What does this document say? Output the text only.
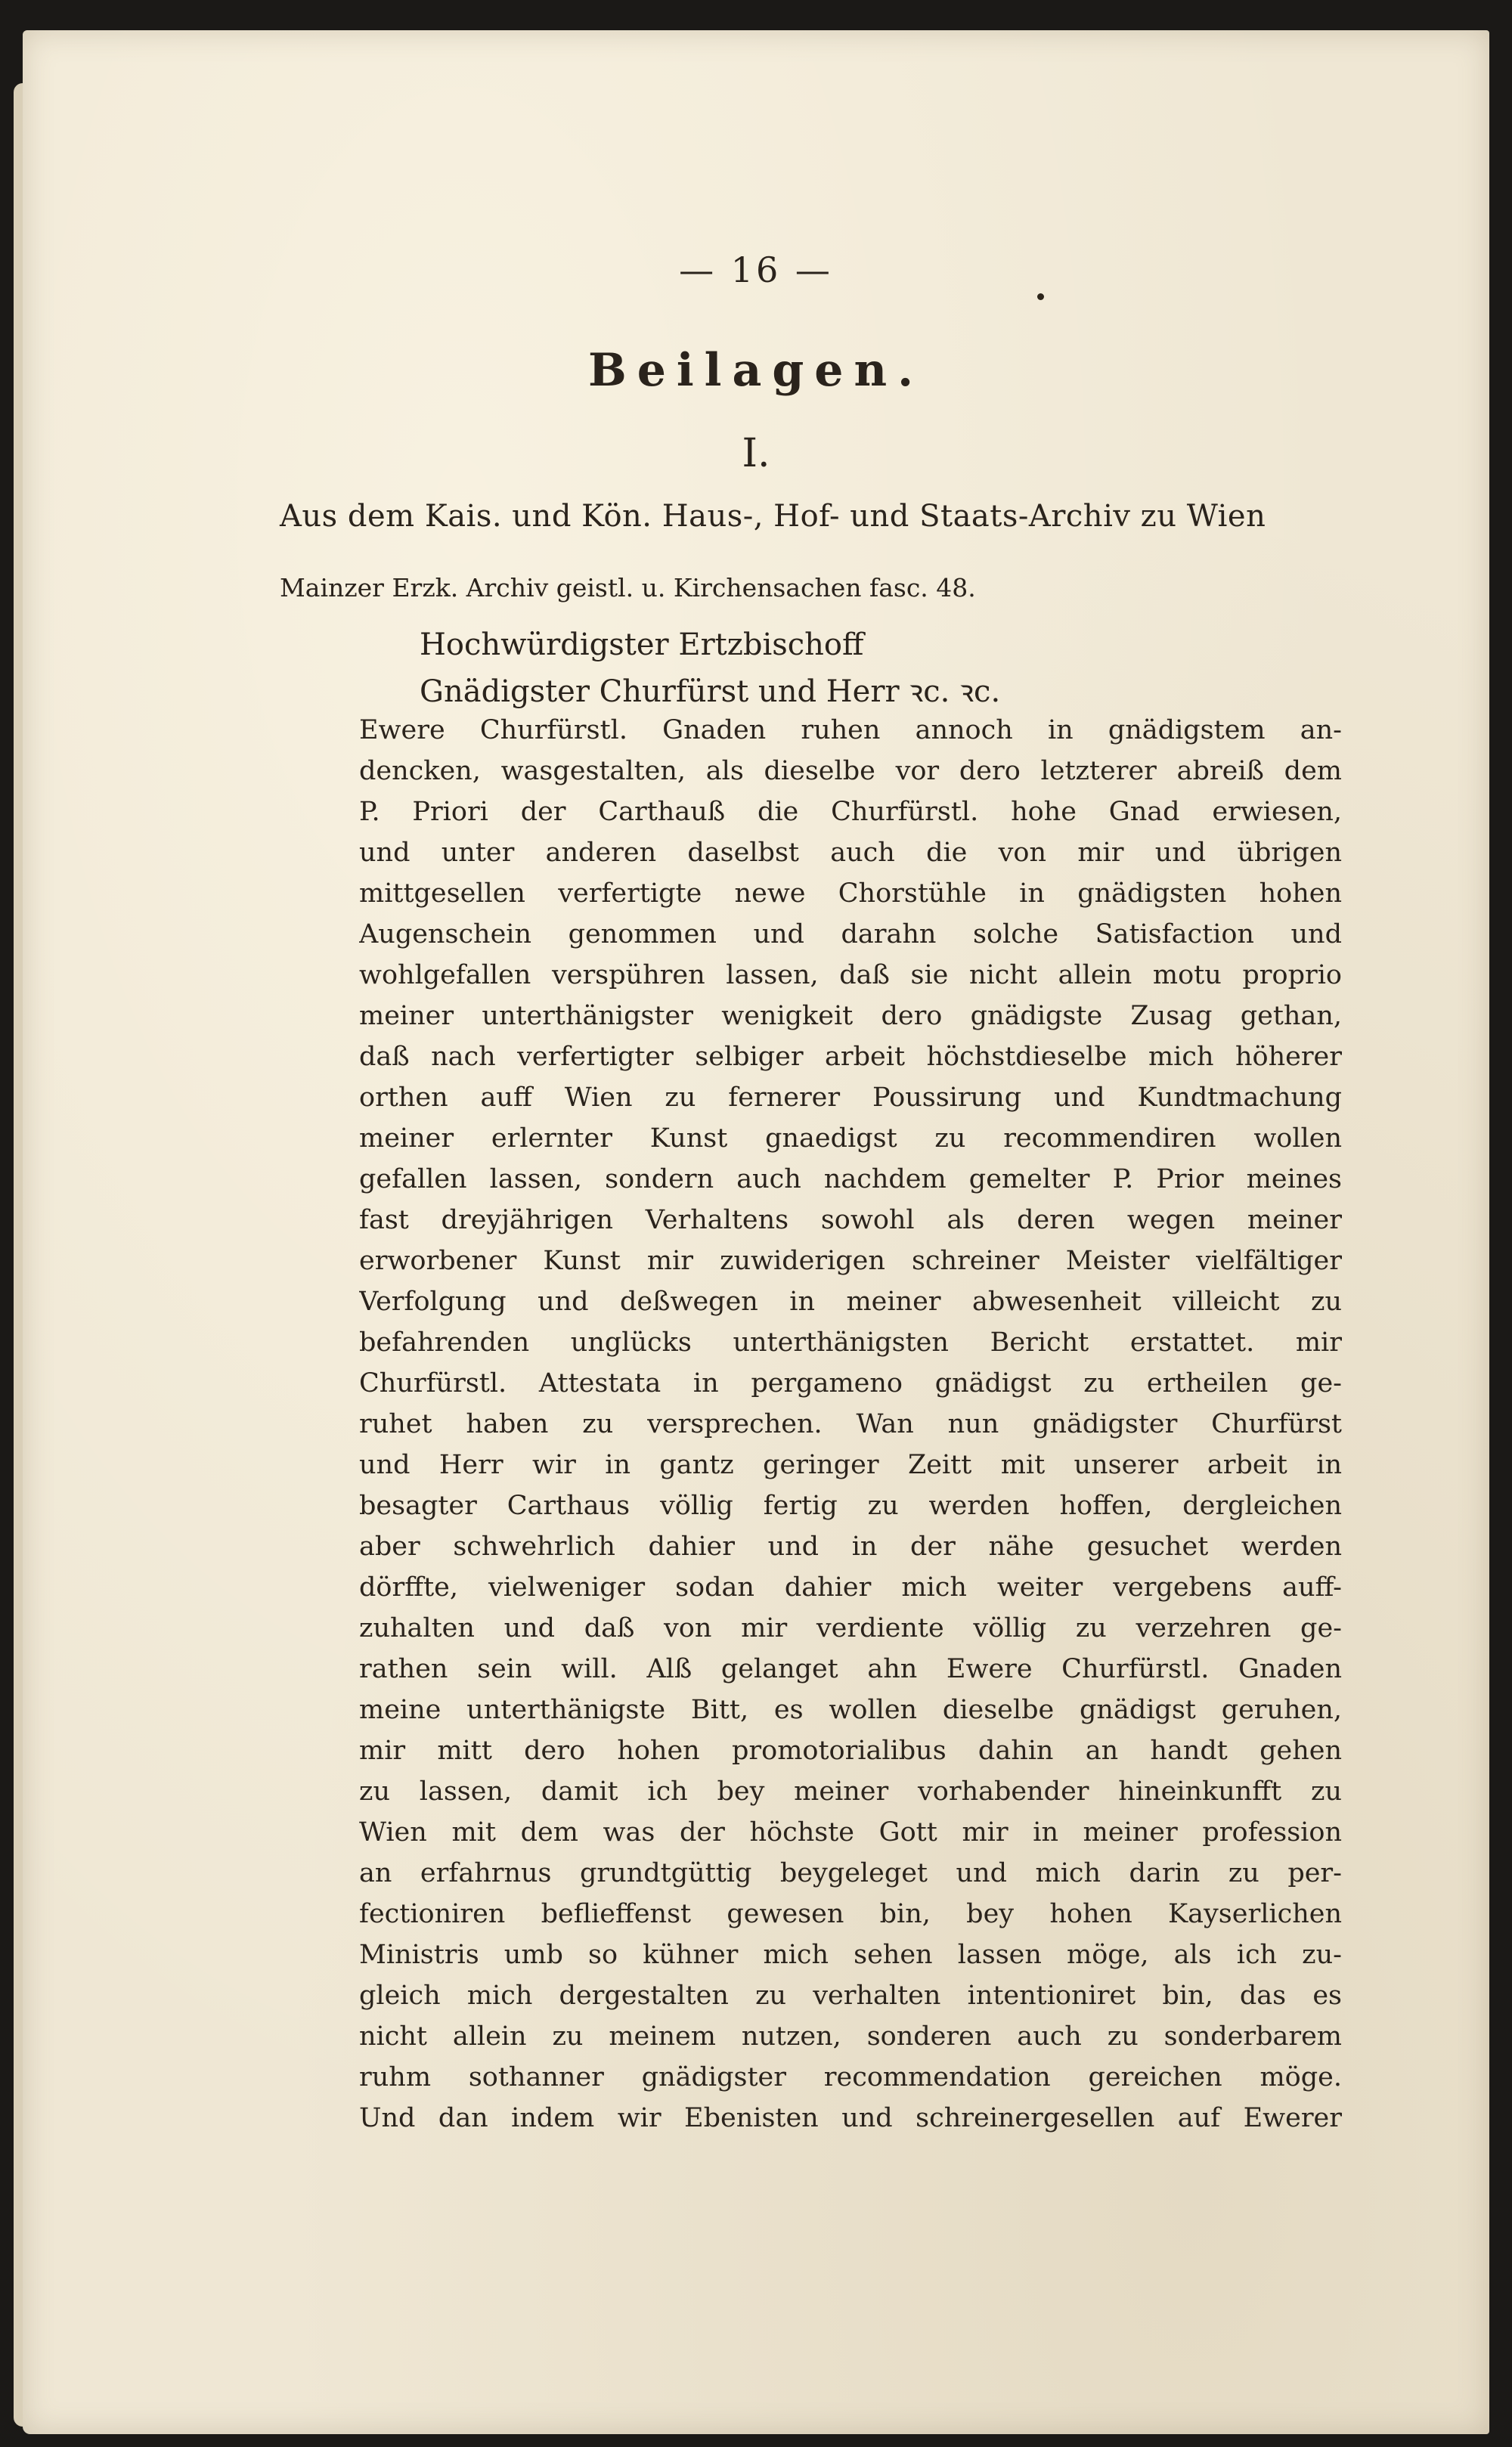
— 16 —
Beilagen.
I.
Aus dem Kais. und Kön. Haus-, Hof- und Staats-Archiv zu Wien
Mainzer Erzk. Archiv geistl. u. Kirchensachen fasc. 48.
Hochwürdigster Ertzbischoff
Gnädigster Churfürst und Herr ꝛc. ꝛc.
Ewere Churfürstl. Gnaden ruhen annoch in gnädigstem an-
dencken, wasgestalten, als dieselbe vor dero letzterer abreiß dem
P. Priori der Carthauß die Churfürstl. hohe Gnad erwiesen,
und unter anderen daselbst auch die von mir und übrigen
mittgesellen verfertigte newe Chorstühle in gnädigsten hohen
Augenschein genommen und darahn solche Satisfaction und
wohlgefallen verspühren lassen, daß sie nicht allein motu proprio
meiner unterthänigster wenigkeit dero gnädigste Zusag gethan,
daß nach verfertigter selbiger arbeit höchstdieselbe mich höherer
orthen auff Wien zu fernerer Poussirung und Kundtmachung
meiner erlernter Kunst gnaedigst zu recommendiren wollen
gefallen lassen, sondern auch nachdem gemelter P. Prior meines
fast dreyjährigen Verhaltens sowohl als deren wegen meiner
erworbener Kunst mir zuwiderigen schreiner Meister vielfältiger
Verfolgung und deßwegen in meiner abwesenheit villeicht zu
befahrenden unglücks unterthänigsten Bericht erstattet. mir
Churfürstl. Attestata in pergameno gnädigst zu ertheilen ge-
ruhet haben zu versprechen. Wan nun gnädigster Churfürst
und Herr wir in gantz geringer Zeitt mit unserer arbeit in
besagter Carthaus völlig fertig zu werden hoffen, dergleichen
aber schwehrlich dahier und in der nähe gesuchet werden
dörffte, vielweniger sodan dahier mich weiter vergebens auff-
zuhalten und daß von mir verdiente völlig zu verzehren ge-
rathen sein will. Alß gelanget ahn Ewere Churfürstl. Gnaden
meine unterthänigste Bitt, es wollen dieselbe gnädigst geruhen,
mir mitt dero hohen promotorialibus dahin an handt gehen
zu lassen, damit ich bey meiner vorhabender hineinkunfft zu
Wien mit dem was der höchste Gott mir in meiner profession
an erfahrnus grundtgüttig beygeleget und mich darin zu per-
fectioniren beflieffenst gewesen bin, bey hohen Kayserlichen
Ministris umb so kühner mich sehen lassen möge, als ich zu-
gleich mich dergestalten zu verhalten intentioniret bin, das es
nicht allein zu meinem nutzen, sonderen auch zu sonderbarem
ruhm sothanner gnädigster recommendation gereichen möge.
Und dan indem wir Ebenisten und schreinergesellen auf Ewerer
